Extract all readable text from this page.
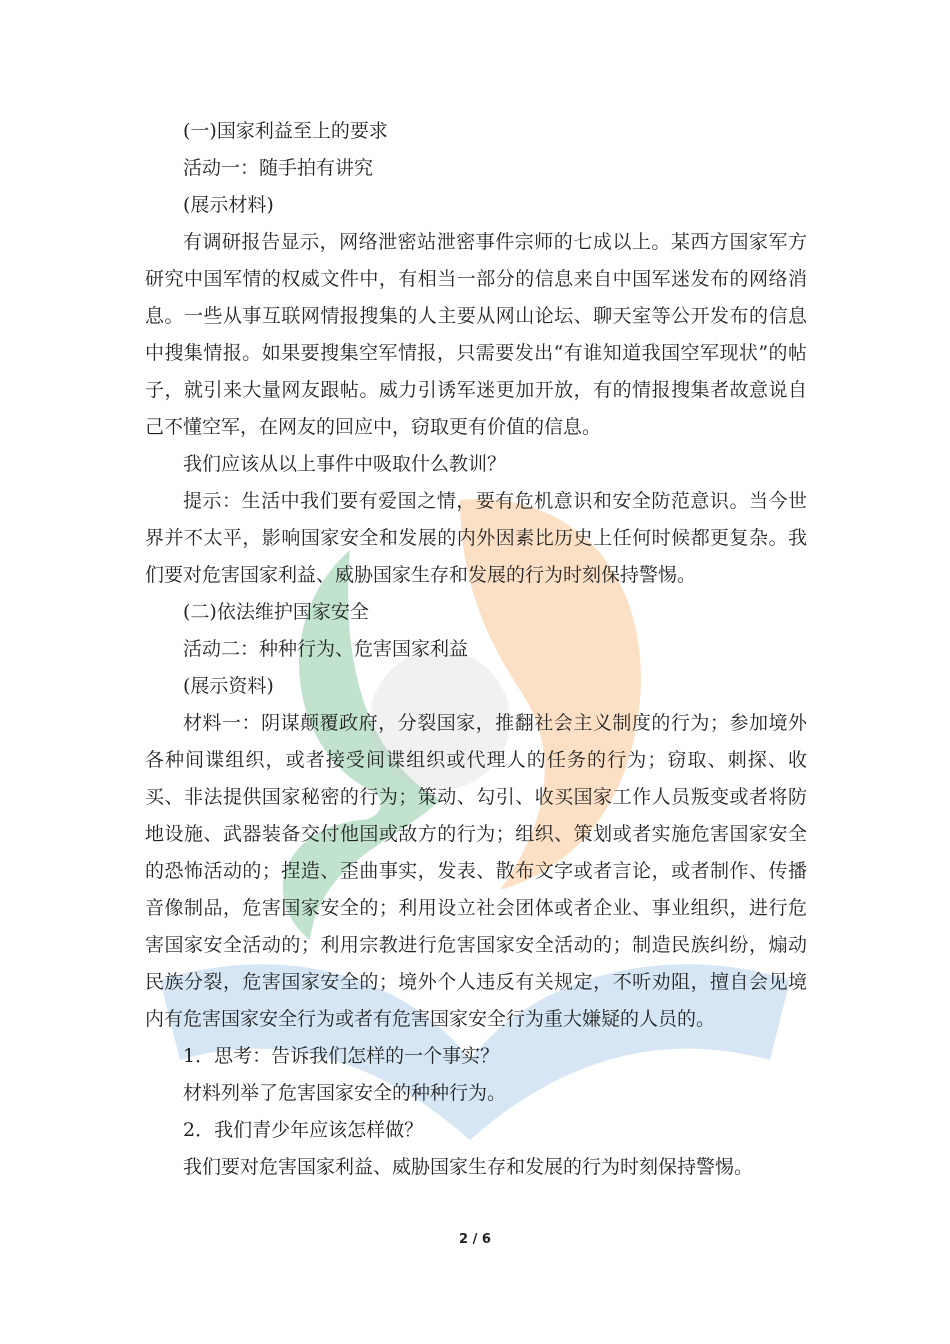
(一)国家利益至上的要求

活动一：随手拍有讲究

(展示材料)

有调研报告显示，网络泄密站泄密事件宗师的七成以上。某西方国家军方研究中国军情的权威文件中，有相当一部分的信息来自中国军迷发布的网络消息。一些从事互联网情报搜集的人主要从网山论坛、聊天室等公开发布的信息中搜集情报。如果要搜集空军情报，只需要发出“有谁知道我国空军现状”的帖子，就引来大量网友跟帖。威力引诱军迷更加开放，有的情报搜集者故意说自己不懂空军，在网友的回应中，窃取更有价值的信息。

我们应该从以上事件中吸取什么教训？

提示：生活中我们要有爱国之情，要有危机意识和安全防范意识。当今世界并不太平，影响国家安全和发展的内外因素比历史上任何时候都更复杂。我们要对危害国家利益、威胁国家生存和发展的行为时刻保持警惕。

(二)依法维护国家安全

活动二：种种行为、危害国家利益

(展示资料)

材料一：阴谋颠覆政府，分裂国家，推翻社会主义制度的行为；参加境外各种间谍组织，或者接受间谍组织或代理人的任务的行为；窃取、刺探、收买、非法提供国家秘密的行为；策动、勾引、收买国家工作人员叛变或者将防地设施、武器装备交付他国或敌方的行为；组织、策划或者实施危害国家安全的恐怖活动的；捏造、歪曲事实，发表、散布文字或者言论，或者制作、传播音像制品，危害国家安全的；利用设立社会团体或者企业、事业组织，进行危害国家安全活动的；利用宗教进行危害国家安全活动的；制造民族纠纷，煽动民族分裂，危害国家安全的；境外个人违反有关规定，不听劝阻，擅自会见境内有危害国家安全行为或者有危害国家安全行为重大嫌疑的人员的。

1．思考：告诉我们怎样的一个事实？

材料列举了危害国家安全的种种行为。

2．我们青少年应该怎样做？

我们要对危害国家利益、威胁国家生存和发展的行为时刻保持警惕。

2 / 6
